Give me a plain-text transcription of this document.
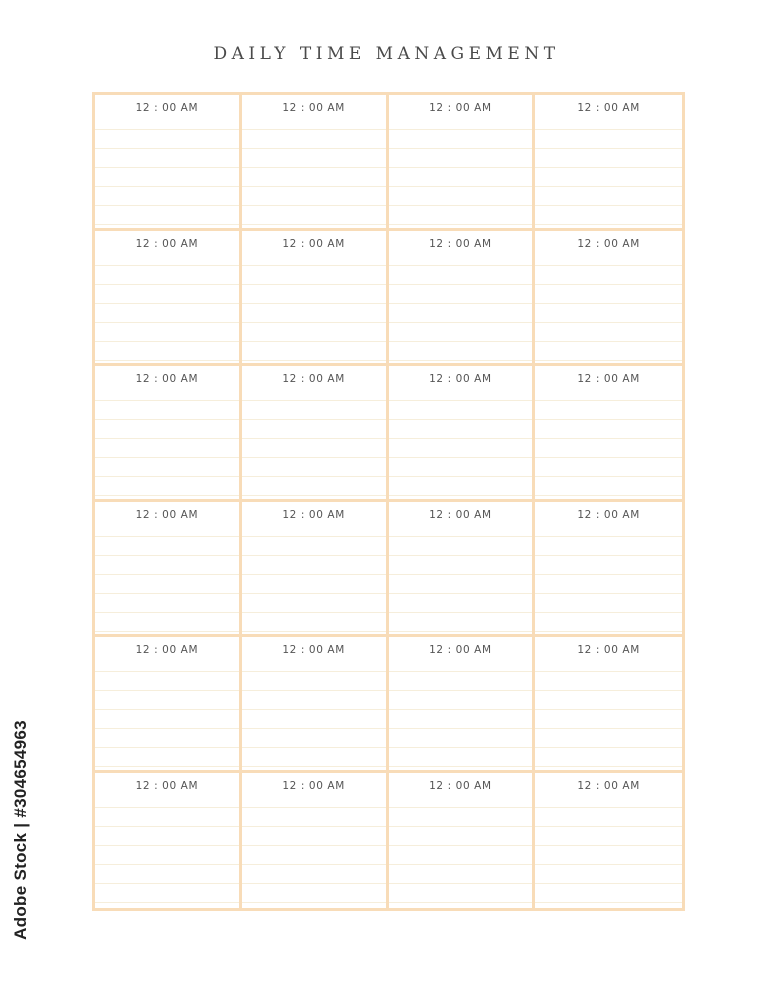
DAILY TIME MANAGEMENT
12 : 00 AM	12 : 00 AM	12 : 00 AM	12 : 00 AM
12 : 00 AM	12 : 00 AM	12 : 00 AM	12 : 00 AM
12 : 00 AM	12 : 00 AM	12 : 00 AM	12 : 00 AM
12 : 00 AM	12 : 00 AM	12 : 00 AM	12 : 00 AM
12 : 00 AM	12 : 00 AM	12 : 00 AM	12 : 00 AM
12 : 00 AM	12 : 00 AM	12 : 00 AM	12 : 00 AM
Adobe Stock | #304654963
